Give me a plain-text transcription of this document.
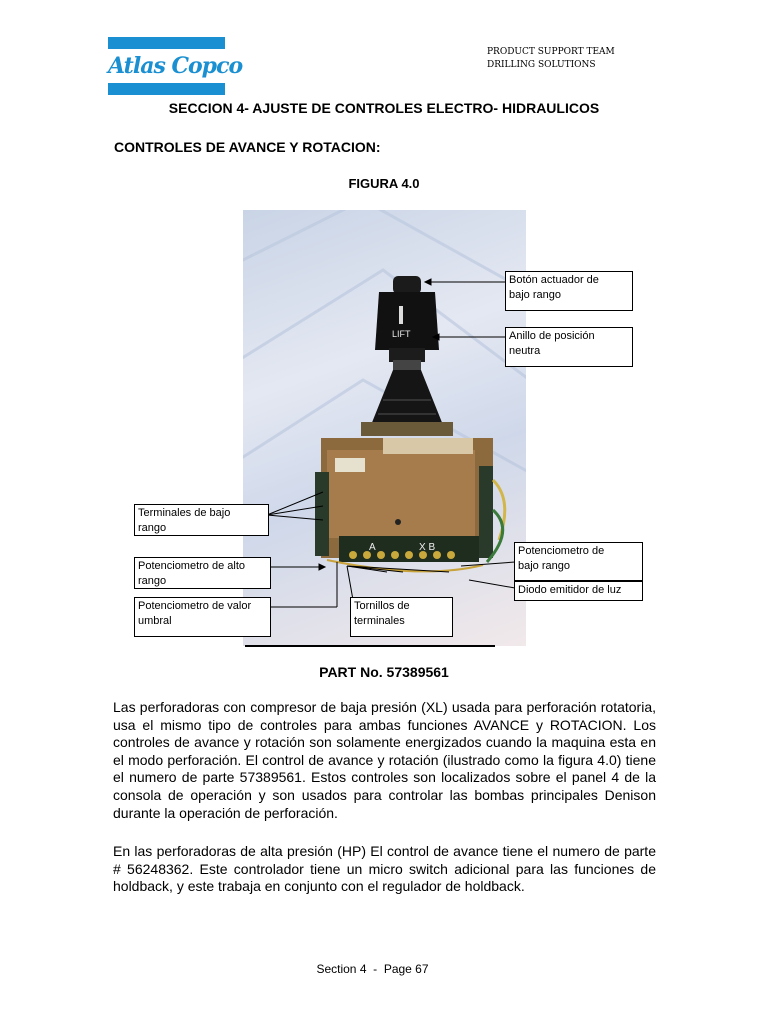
Atlas Copco
PRODUCT SUPPORT TEAM
DRILLING SOLUTIONS
SECCION 4- AJUSTE DE CONTROLES ELECTRO- HIDRAULICOS
CONTROLES DE AVANCE Y ROTACION:
FIGURA 4.0
LIFT
A	X B
Botón actuador de
bajo rango
Anillo de posición
neutra
Terminales de bajo
rango
Potenciometro de alto
rango
Potenciometro de valor
umbral
Tornillos de
terminales
Potenciometro de
bajo rango
Diodo emitidor de luz
PART No. 57389561
Las perforadoras con compresor de baja presión (XL) usada para perforación rotatoria, usa el mismo tipo de controles para ambas funciones AVANCE y ROTACION. Los controles de avance y rotación son solamente energizados cuando la maquina esta en el modo perforación. El control de avance y rotación (ilustrado como la figura 4.0) tiene el numero de parte 57389561. Estos controles son localizados sobre el panel 4 de la consola de operación y son usados para controlar las bombas principales Denison durante la operación de perforación.
En las perforadoras de alta presión (HP) El control de avance tiene el numero de parte # 56248362. Este controlador tiene un micro switch adicional para las funciones de holdback, y este trabaja en conjunto con el regulador de holdback.
Section 4  -  Page 67
